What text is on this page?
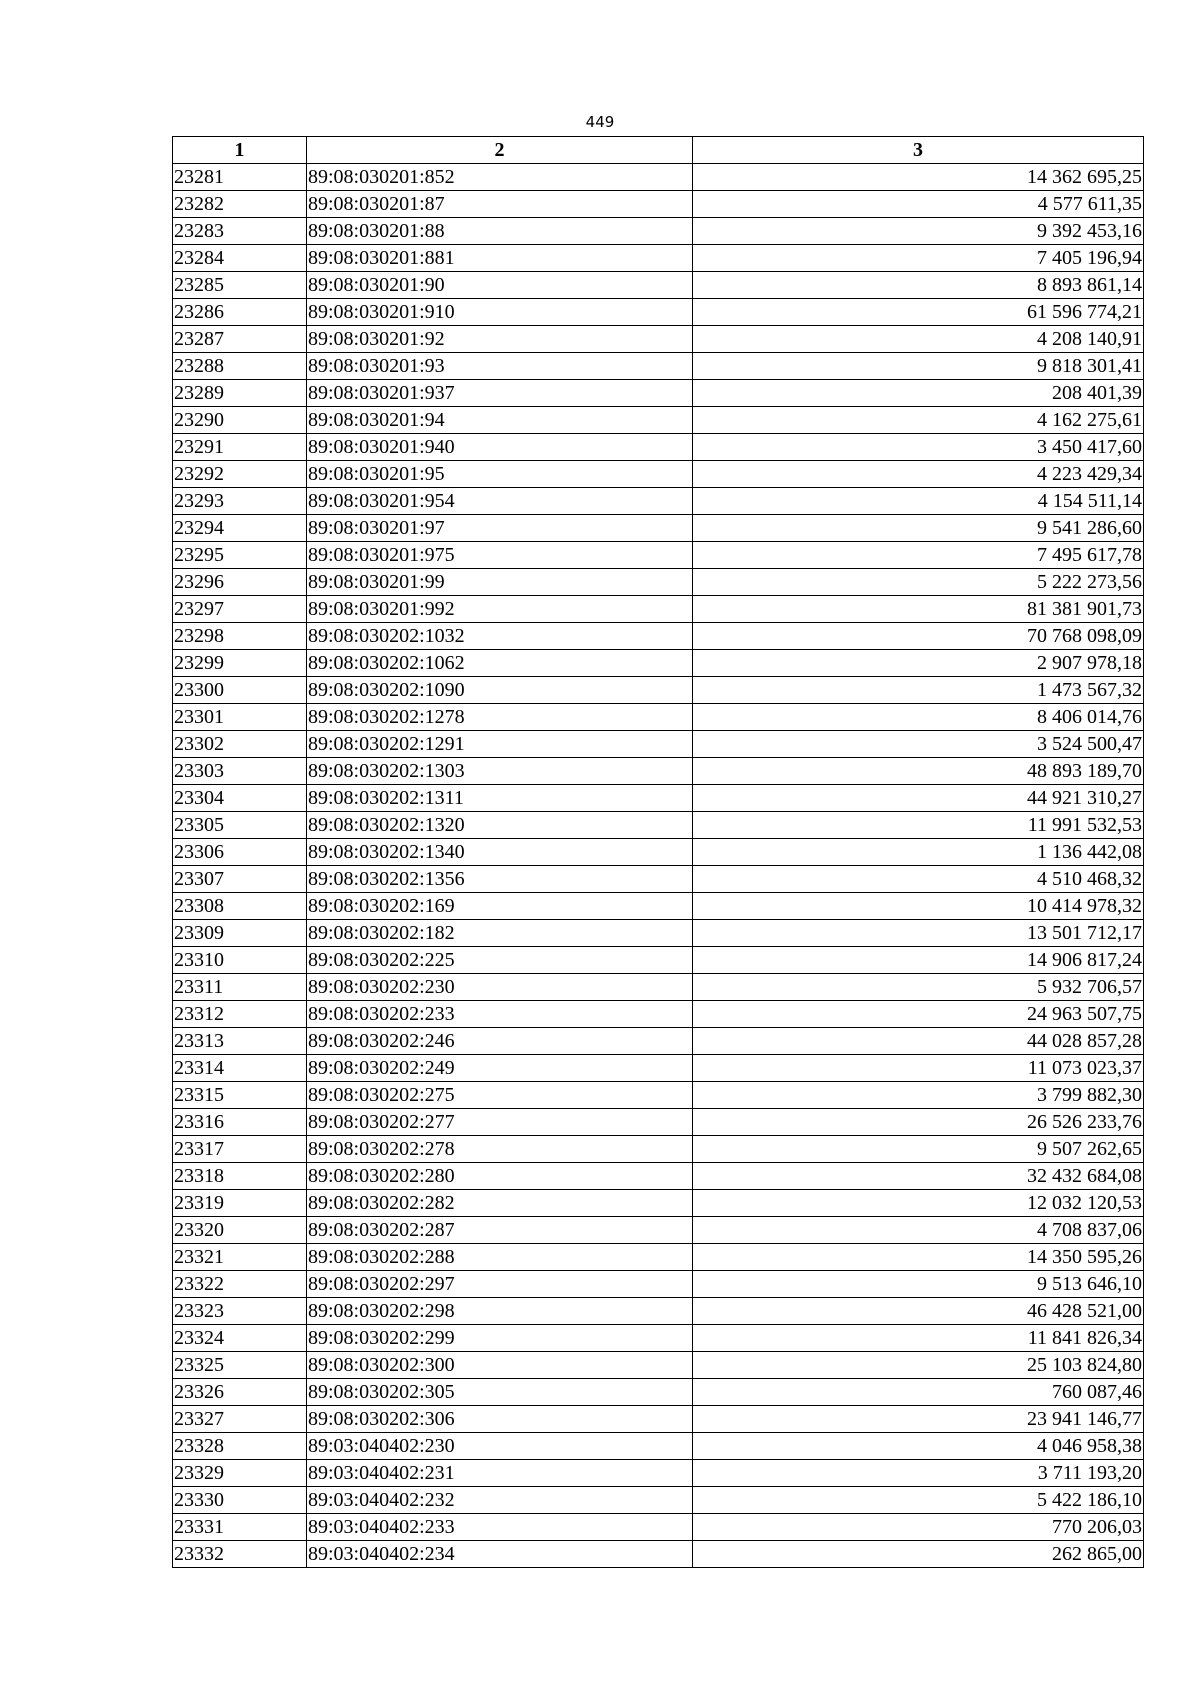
449
1	2	3
23281	89:08:030201:852	14 362 695,25
23282	89:08:030201:87	4 577 611,35
23283	89:08:030201:88	9 392 453,16
23284	89:08:030201:881	7 405 196,94
23285	89:08:030201:90	8 893 861,14
23286	89:08:030201:910	61 596 774,21
23287	89:08:030201:92	4 208 140,91
23288	89:08:030201:93	9 818 301,41
23289	89:08:030201:937	208 401,39
23290	89:08:030201:94	4 162 275,61
23291	89:08:030201:940	3 450 417,60
23292	89:08:030201:95	4 223 429,34
23293	89:08:030201:954	4 154 511,14
23294	89:08:030201:97	9 541 286,60
23295	89:08:030201:975	7 495 617,78
23296	89:08:030201:99	5 222 273,56
23297	89:08:030201:992	81 381 901,73
23298	89:08:030202:1032	70 768 098,09
23299	89:08:030202:1062	2 907 978,18
23300	89:08:030202:1090	1 473 567,32
23301	89:08:030202:1278	8 406 014,76
23302	89:08:030202:1291	3 524 500,47
23303	89:08:030202:1303	48 893 189,70
23304	89:08:030202:1311	44 921 310,27
23305	89:08:030202:1320	11 991 532,53
23306	89:08:030202:1340	1 136 442,08
23307	89:08:030202:1356	4 510 468,32
23308	89:08:030202:169	10 414 978,32
23309	89:08:030202:182	13 501 712,17
23310	89:08:030202:225	14 906 817,24
23311	89:08:030202:230	5 932 706,57
23312	89:08:030202:233	24 963 507,75
23313	89:08:030202:246	44 028 857,28
23314	89:08:030202:249	11 073 023,37
23315	89:08:030202:275	3 799 882,30
23316	89:08:030202:277	26 526 233,76
23317	89:08:030202:278	9 507 262,65
23318	89:08:030202:280	32 432 684,08
23319	89:08:030202:282	12 032 120,53
23320	89:08:030202:287	4 708 837,06
23321	89:08:030202:288	14 350 595,26
23322	89:08:030202:297	9 513 646,10
23323	89:08:030202:298	46 428 521,00
23324	89:08:030202:299	11 841 826,34
23325	89:08:030202:300	25 103 824,80
23326	89:08:030202:305	760 087,46
23327	89:08:030202:306	23 941 146,77
23328	89:03:040402:230	4 046 958,38
23329	89:03:040402:231	3 711 193,20
23330	89:03:040402:232	5 422 186,10
23331	89:03:040402:233	770 206,03
23332	89:03:040402:234	262 865,00
